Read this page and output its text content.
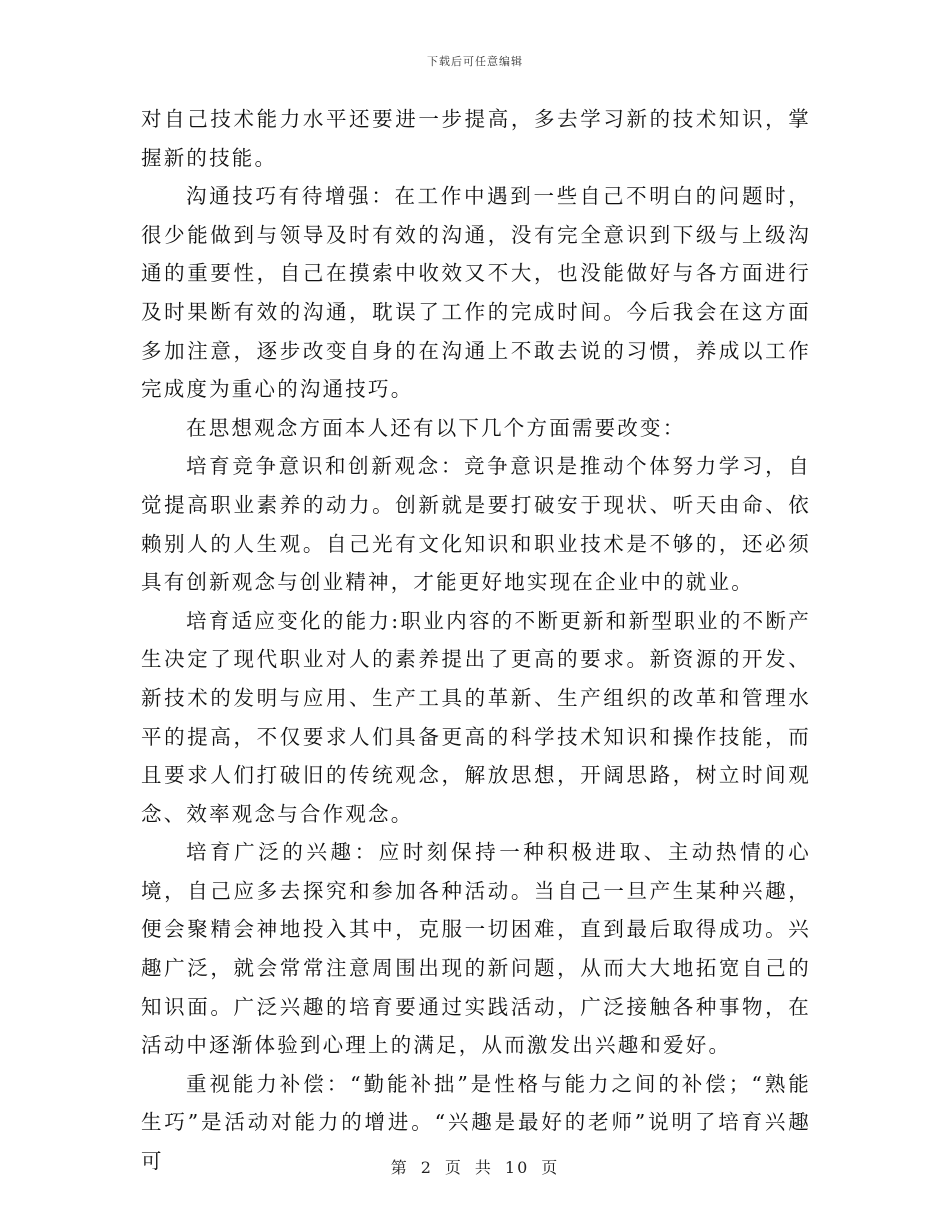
下载后可任意编辑

对自己技术能力水平还要进一步提高，多去学习新的技术知识，掌握新的技能。

沟通技巧有待增强：在工作中遇到一些自己不明白的问题时，很少能做到与领导及时有效的沟通，没有完全意识到下级与上级沟通的重要性，自己在摸索中收效又不大，也没能做好与各方面进行及时果断有效的沟通，耽误了工作的完成时间。今后我会在这方面多加注意，逐步改变自身的在沟通上不敢去说的习惯，养成以工作完成度为重心的沟通技巧。

在思想观念方面本人还有以下几个方面需要改变：

培育竞争意识和创新观念：竞争意识是推动个体努力学习，自觉提高职业素养的动力。创新就是要打破安于现状、听天由命、依赖别人的人生观。自己光有文化知识和职业技术是不够的，还必须具有创新观念与创业精神，才能更好地实现在企业中的就业。

培育适应变化的能力:职业内容的不断更新和新型职业的不断产生决定了现代职业对人的素养提出了更高的要求。新资源的开发、新技术的发明与应用、生产工具的革新、生产组织的改革和管理水平的提高，不仅要求人们具备更高的科学技术知识和操作技能，而且要求人们打破旧的传统观念，解放思想，开阔思路，树立时间观念、效率观念与合作观念。

培育广泛的兴趣：应时刻保持一种积极进取、主动热情的心境，自己应多去探究和参加各种活动。当自己一旦产生某种兴趣，便会聚精会神地投入其中，克服一切困难，直到最后取得成功。兴趣广泛，就会常常注意周围出现的新问题，从而大大地拓宽自己的知识面。广泛兴趣的培育要通过实践活动，广泛接触各种事物，在活动中逐渐体验到心理上的满足，从而激发出兴趣和爱好。

重视能力补偿：“勤能补拙”是性格与能力之间的补偿；“熟能生巧”是活动对能力的增进。“兴趣是最好的老师”说明了培育兴趣可	第 2 页 共 10 页
